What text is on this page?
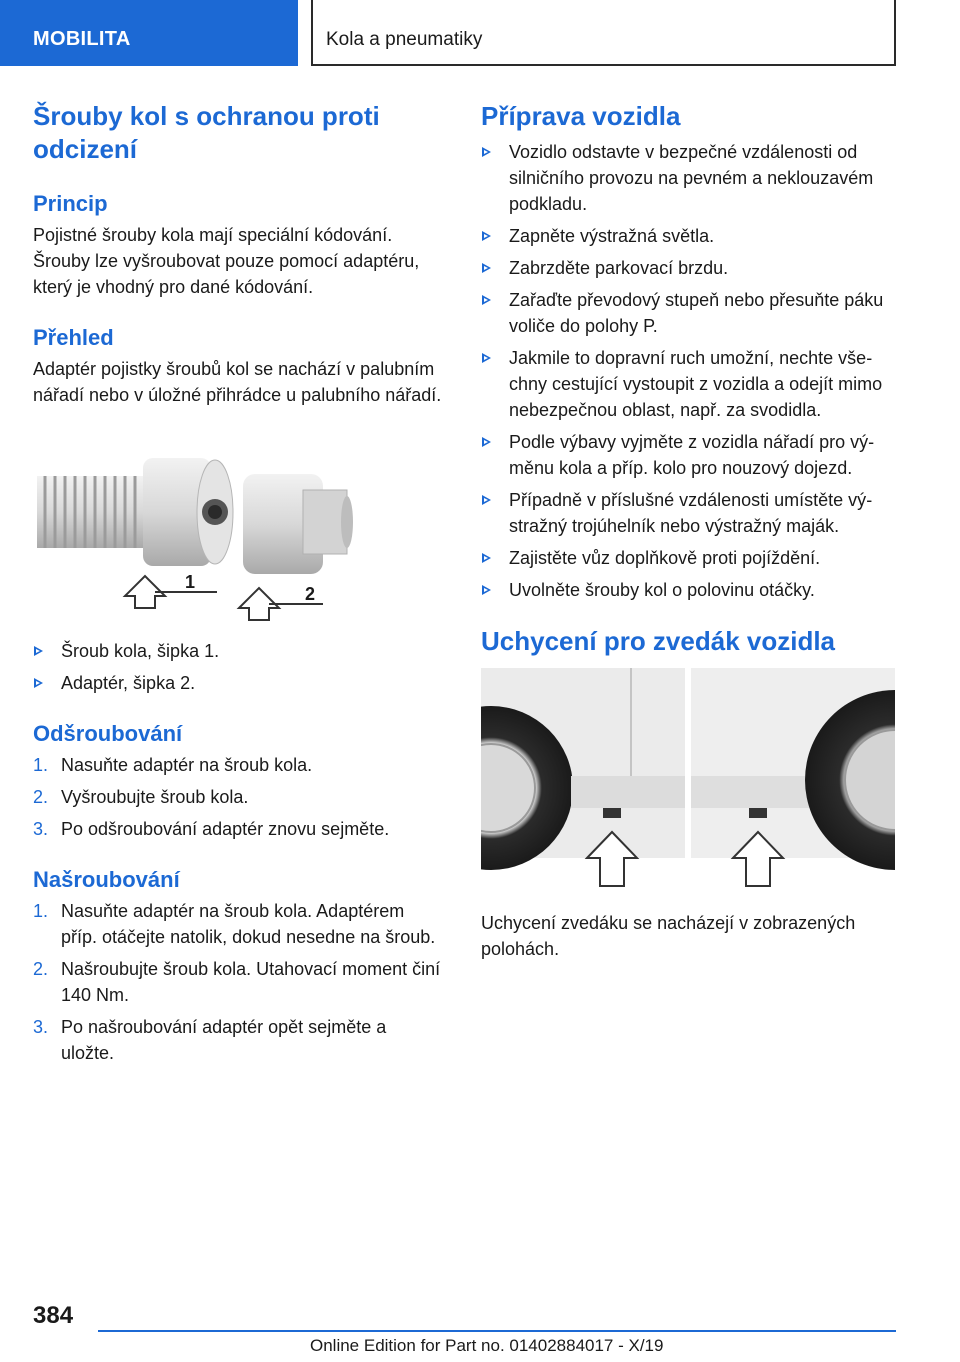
MOBILITA	Kola a pneumatiky
Šrouby kol s ochranou proti odcizení
Princip

Pojistné šrouby kola mají speciální kódování. Šrouby lze vyšroubovat pouze pomocí adaptéru, který je vhodný pro dané kódování.

Přehled

Adaptér pojistky šroubů kol se nachází v palubním nářadí nebo v úložné přihrádce u palubního nářadí.

1
2
Šroub kola, šipka 1.
Adaptér, šipka 2.
Odšroubování
1. Nasuňte adaptér na šroub kola.
2. Vyšroubujte šroub kola.
3. Po odšroubování adaptér znovu sejměte.
Našroubování
1. Nasuňte adaptér na šroub kola. Adaptérem příp. otáčejte natolik, dokud nesedne na šroub.
2. Našroubujte šroub kola. Utahovací moment činí 140 Nm.
3. Po našroubování adaptér opět sejměte a uložte.
Příprava vozidla
Vozidlo odstavte v bezpečné vzdálenosti od silničního provozu na pevném a neklouzavém podkladu.
Zapněte výstražná světla.
Zabrzděte parkovací brzdu.
Zařaďte převodový stupeň nebo přesuňte páku voliče do polohy P.
Jakmile to dopravní ruch umožní, nechte všechny cestující vystoupit z vozidla a odejít mimo nebezpečnou oblast, např. za svodidla.
Podle výbavy vyjměte z vozidla nářadí pro výměnu kola a příp. kolo pro nouzový dojezd.
Případně v příslušné vzdálenosti umístěte výstražný trojúhelník nebo výstražný maják.
Zajistěte vůz doplňkově proti pojíždění.
Uvolněte šrouby kol o polovinu otáčky.
Uchycení pro zvedák vozidla

Uchycení zvedáku se nacházejí v zobrazených polohách.

384
Online Edition for Part no. 01402884017 - X/19
